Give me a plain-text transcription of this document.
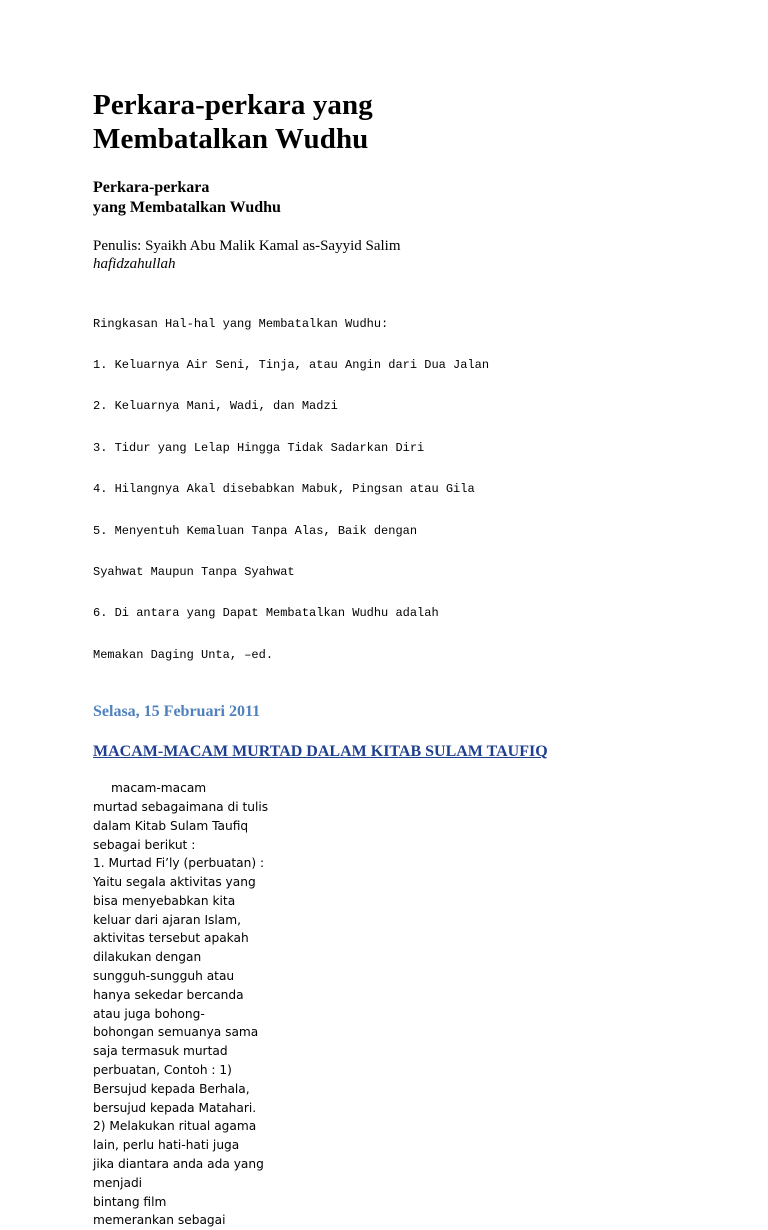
Perkara-perkara yang
Membatalkan Wudhu

Perkara-perkara
yang Membatalkan Wudhu

Penulis: Syaikh Abu Malik Kamal as-Sayyid Salim
hafidzahullah

Ringkasan Hal-hal yang Membatalkan Wudhu:

1. Keluarnya Air Seni, Tinja, atau Angin dari Dua Jalan

2. Keluarnya Mani, Wadi, dan Madzi

3. Tidur yang Lelap Hingga Tidak Sadarkan Diri

4. Hilangnya Akal disebabkan Mabuk, Pingsan atau Gila

5. Menyentuh Kemaluan Tanpa Alas, Baik dengan

Syahwat Maupun Tanpa Syahwat

6. Di antara yang Dapat Membatalkan Wudhu adalah

Memakan Daging Unta, –ed.

Selasa, 15 Februari 2011
MACAM-MACAM MURTAD DALAM KITAB SULAM TAUFIQ
macam-macam
murtad sebagaimana di tulis
dalam Kitab Sulam Taufiq
sebagai berikut :
1. Murtad Fi’ly (perbuatan) :
Yaitu segala aktivitas yang
bisa menyebabkan kita
keluar dari ajaran Islam,
aktivitas tersebut apakah
dilakukan dengan
sungguh-sungguh atau
hanya sekedar bercanda
atau juga bohong-
bohongan semuanya sama
saja termasuk murtad
perbuatan, Contoh : 1)
Bersujud kepada Berhala,
bersujud kepada Matahari.
2) Melakukan ritual agama
lain, perlu hati-hati juga
jika diantara anda ada yang
menjadi
bintang film
memerankan sebagai
